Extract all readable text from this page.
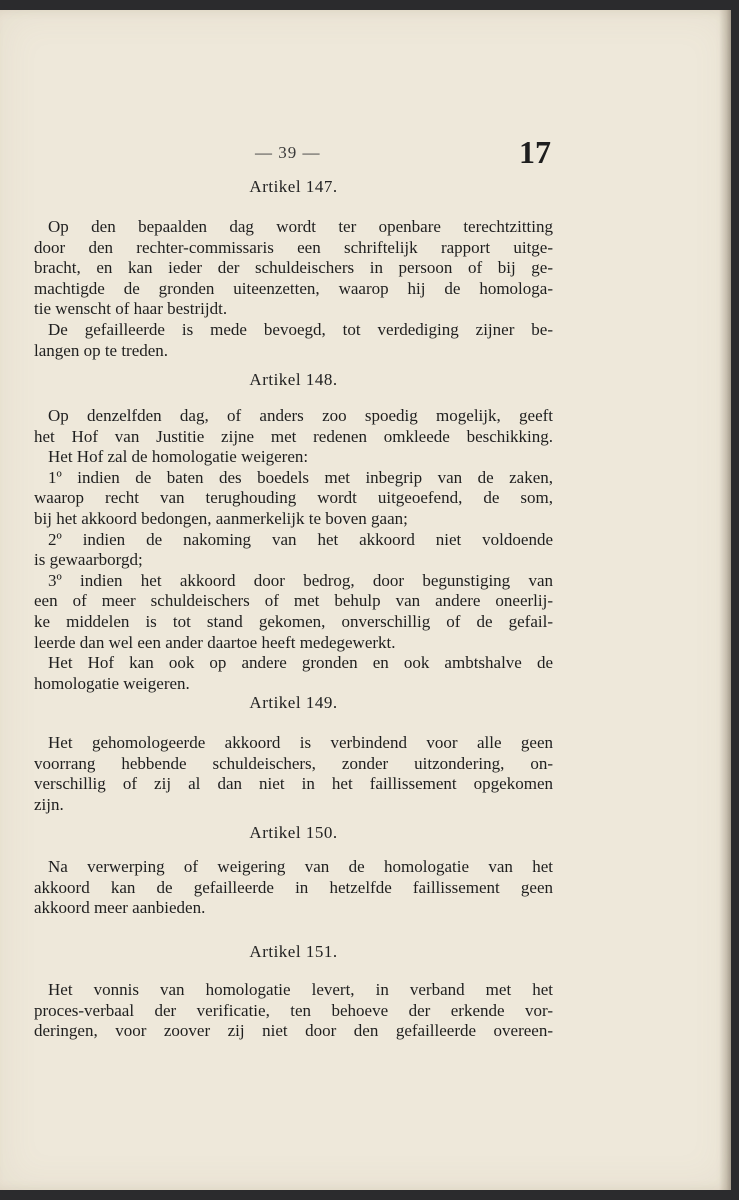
— 39 —	17
Artikel 147.
Op den bepaalden dag wordt ter openbare terechtzitting
door den rechter-commissaris een schriftelijk rapport uitge-
bracht, en kan ieder der schuldeischers in persoon of bij ge-
machtigde de gronden uiteenzetten, waarop hij de homologa-
tie wenscht of haar bestrijdt.
De gefailleerde is mede bevoegd, tot verdediging zijner be-
langen op te treden.
Artikel 148.
Op denzelfden dag, of anders zoo spoedig mogelijk, geeft
het Hof van Justitie zijne met redenen omkleede beschikking.
Het Hof zal de homologatie weigeren:
1º indien de baten des boedels met inbegrip van de zaken,
waarop recht van terughouding wordt uitgeoefend, de som,
bij het akkoord bedongen, aanmerkelijk te boven gaan;
2º indien de nakoming van het akkoord niet voldoende
is gewaarborgd;
3º indien het akkoord door bedrog, door begunstiging van
een of meer schuldeischers of met behulp van andere oneerlij-
ke middelen is tot stand gekomen, onverschillig of de gefail-
leerde dan wel een ander daartoe heeft medegewerkt.
Het Hof kan ook op andere gronden en ook ambtshalve de
homologatie weigeren.
Artikel 149.
Het gehomologeerde akkoord is verbindend voor alle geen
voorrang hebbende schuldeischers, zonder uitzondering, on-
verschillig of zij al dan niet in het faillissement opgekomen
zijn.
Artikel 150.
Na verwerping of weigering van de homologatie van het
akkoord kan de gefailleerde in hetzelfde faillissement geen
akkoord meer aanbieden.
Artikel 151.
Het vonnis van homologatie levert, in verband met het
proces-verbaal der verificatie, ten behoeve der erkende vor-
deringen, voor zoover zij niet door den gefailleerde overeen-
